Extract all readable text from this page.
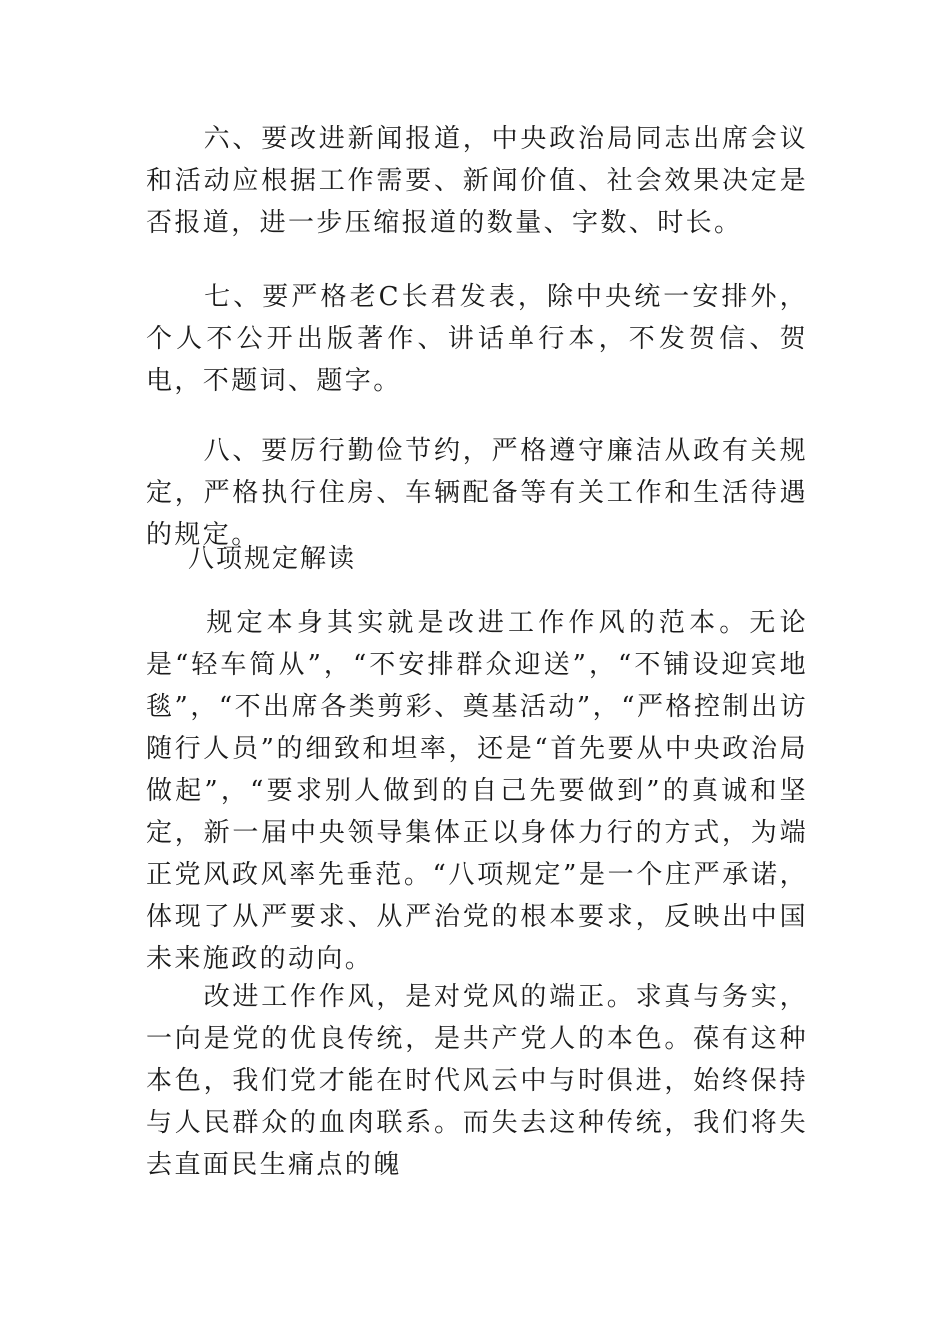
　　六、要改进新闻报道，中央政治局同志出席会议和活动应根据工作需要、新闻价值、社会效果决定是否报道，进一步压缩报道的数量、字数、时长。

　　七、要严格老C长君发表，除中央统一安排外，个人不公开出版著作、讲话单行本，不发贺信、贺电，不题词、题字。

　　八、要厉行勤俭节约，严格遵守廉洁从政有关规定，严格执行住房、车辆配备等有关工作和生活待遇的规定。

八项规定解读

　　规定本身其实就是改进工作作风的范本。无论是“轻车简从”，“不安排群众迎送”，“不铺设迎宾地毯”，“不出席各类剪彩、奠基活动”，“严格控制出访随行人员”的细致和坦率，还是“首先要从中央政治局做起”，“要求别人做到的自己先要做到”的真诚和坚定，新一届中央领导集体正以身体力行的方式，为端正党风政风率先垂范。“八项规定”是一个庄严承诺，体现了从严要求、从严治党的根本要求，反映出中国未来施政的动向。

　　改进工作作风，是对党风的端正。求真与务实，一向是党的优良传统，是共产党人的本色。葆有这种本色，我们党才能在时代风云中与时俱进，始终保持与人民群众的血肉联系。而失去这种传统，我们将失去直面民生痛点的魄
